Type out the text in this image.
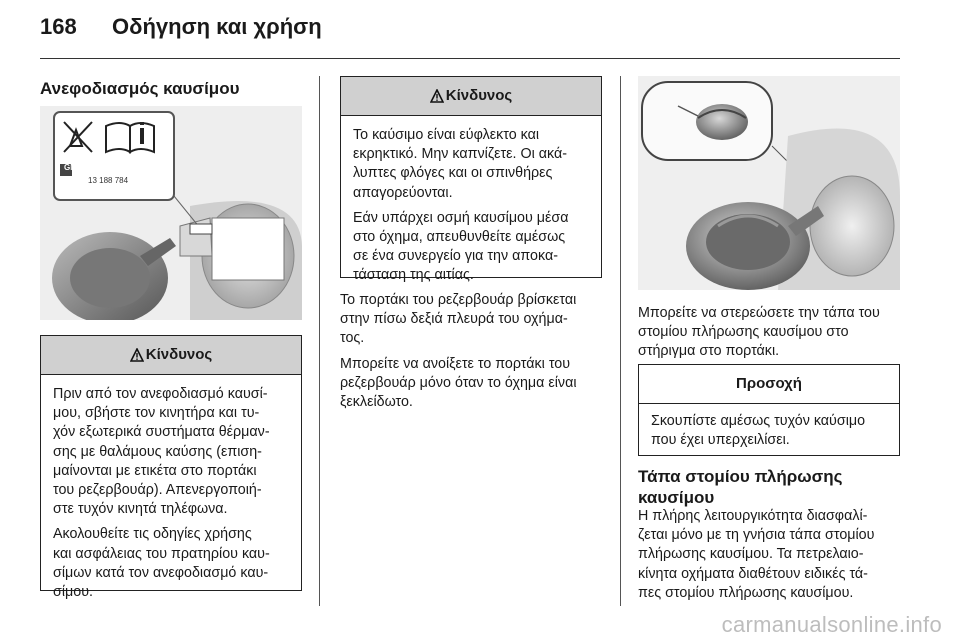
168 Οδήγηση και χρήση
Ανεφοδιασμός καυσίμου
GM
13 188 784
Κίνδυνος

Πριν από τον ανεφοδιασμό καυσί-
μου, σβήστε τον κινητήρα και τυ-
χόν εξωτερικά συστήματα θέρμαν-
σης με θαλάμους καύσης (επιση-
μαίνονται με ετικέτα στο πορτάκι
του ρεζερβουάρ). Απενεργοποιή-
στε τυχόν κινητά τηλέφωνα.

Ακολουθείτε τις οδηγίες χρήσης
και ασφάλειας του πρατηρίου καυ-
σίμων κατά τον ανεφοδιασμό καυ-
σίμου.

Κίνδυνος

Το καύσιμο είναι εύφλεκτο και
εκρηκτικό. Μην καπνίζετε. Οι ακά-
λυπτες φλόγες και οι σπινθήρες
απαγορεύονται.

Εάν υπάρχει οσμή καυσίμου μέσα
στο όχημα, απευθυνθείτε αμέσως
σε ένα συνεργείο για την αποκα-
τάσταση της αιτίας.

Το πορτάκι του ρεζερβουάρ βρίσκεται
στην πίσω δεξιά πλευρά του οχήμα-
τος.

Μπορείτε να ανοίξετε το πορτάκι του
ρεζερβουάρ μόνο όταν το όχημα είναι
ξεκλείδωτο.

Μπορείτε να στερεώσετε την τάπα του
στομίου πλήρωσης καυσίμου στο
στήριγμα στο πορτάκι.

Προσοχή

Σκουπίστε αμέσως τυχόν καύσιμο
που έχει υπερχειλίσει.

Τάπα στομίου πλήρωσης
καυσίμου

Η πλήρης λειτουργικότητα διασφαλί-
ζεται μόνο με τη γνήσια τάπα στομίου
πλήρωσης καυσίμου. Τα πετρελαιο-
κίνητα οχήματα διαθέτουν ειδικές τά-
πες στομίου πλήρωσης καυσίμου.

carmanualsonline.info
